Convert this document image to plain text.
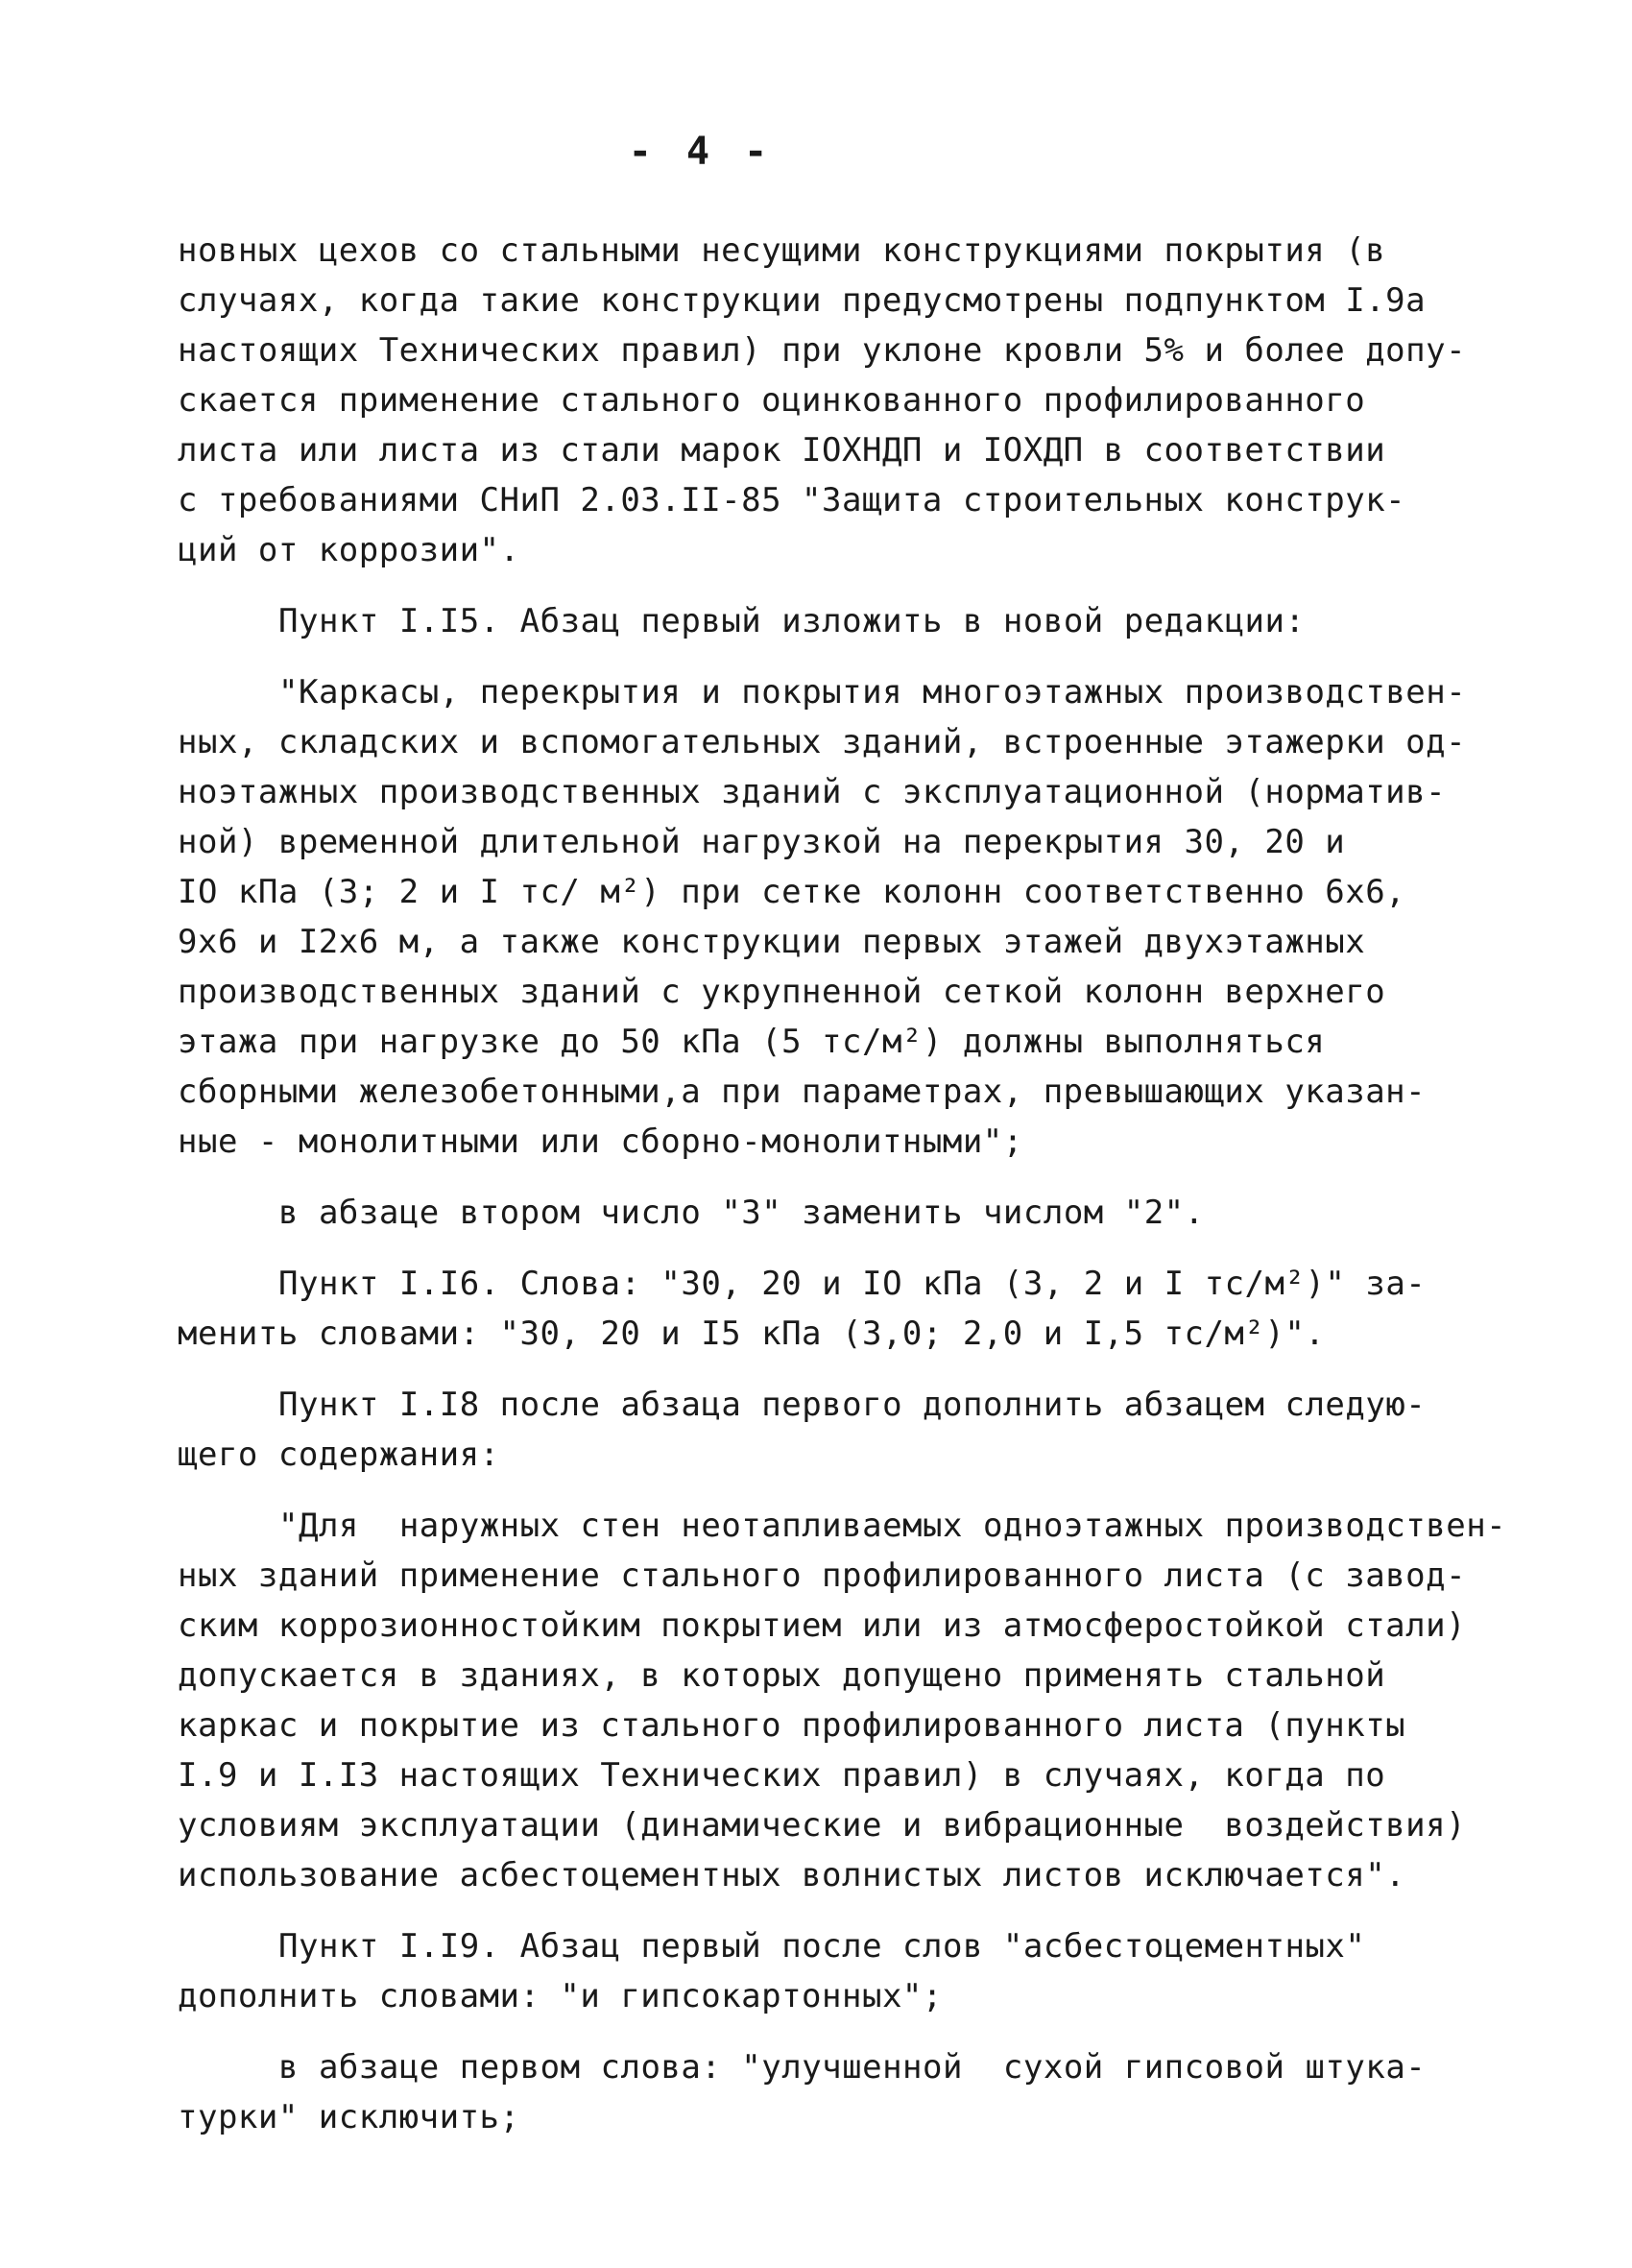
- 4 -
новных цехов со стальными несущими конструкциями покрытия (в
случаях, когда такие конструкции предусмотрены подпунктом I.9а
настоящих Технических правил) при уклоне кровли 5% и более допу-
скается применение стального оцинкованного профилированного
листа или листа из стали марок IOXНДП и IOXДП в соответствии
с требованиями СНиП 2.03.II-85 "Защита строительных конструк-
ций от коррозии".
Пункт I.I5. Абзац первый изложить в новой редакции:
"Каркасы, перекрытия и покрытия многоэтажных производствен-
ных, складских и вспомогательных зданий, встроенные этажерки од-
ноэтажных производственных зданий с эксплуатационной (норматив-
ной) временной длительной нагрузкой на перекрытия 30, 20 и
IO кПа (3; 2 и I тс/ м²) при сетке колонн соответственно 6х6,
9х6 и I2х6 м, а также конструкции первых этажей двухэтажных
производственных зданий с укрупненной сеткой колонн верхнего
этажа при нагрузке до 50 кПа (5 тс/м²) должны выполняться
сборными железобетонными,а при параметрах, превышающих указан-
ные - монолитными или сборно-монолитными";
в абзаце втором число "3" заменить числом "2".
Пункт I.I6. Слова: "30, 20 и IO кПа (3, 2 и I тс/м²)" за-
менить словами: "30, 20 и I5 кПа (3,0; 2,0 и I,5 тс/м²)".
Пункт I.I8 после абзаца первого дополнить абзацем следую-
щего содержания:
"Для  наружных стен неотапливаемых одноэтажных производствен-
ных зданий применение стального профилированного листа (с завод-
ским коррозионностойким покрытием или из атмосферостойкой стали)
допускается в зданиях, в которых допущено применять стальной
каркас и покрытие из стального профилированного листа (пункты
I.9 и I.I3 настоящих Технических правил) в случаях, когда по
условиям эксплуатации (динамические и вибрационные  воздействия)
использование асбестоцементных волнистых листов исключается".
Пункт I.I9. Абзац первый после слов "асбестоцементных"
дополнить словами: "и гипсокартонных";
в абзаце первом слова: "улучшенной  сухой гипсовой штука-
турки" исключить;
